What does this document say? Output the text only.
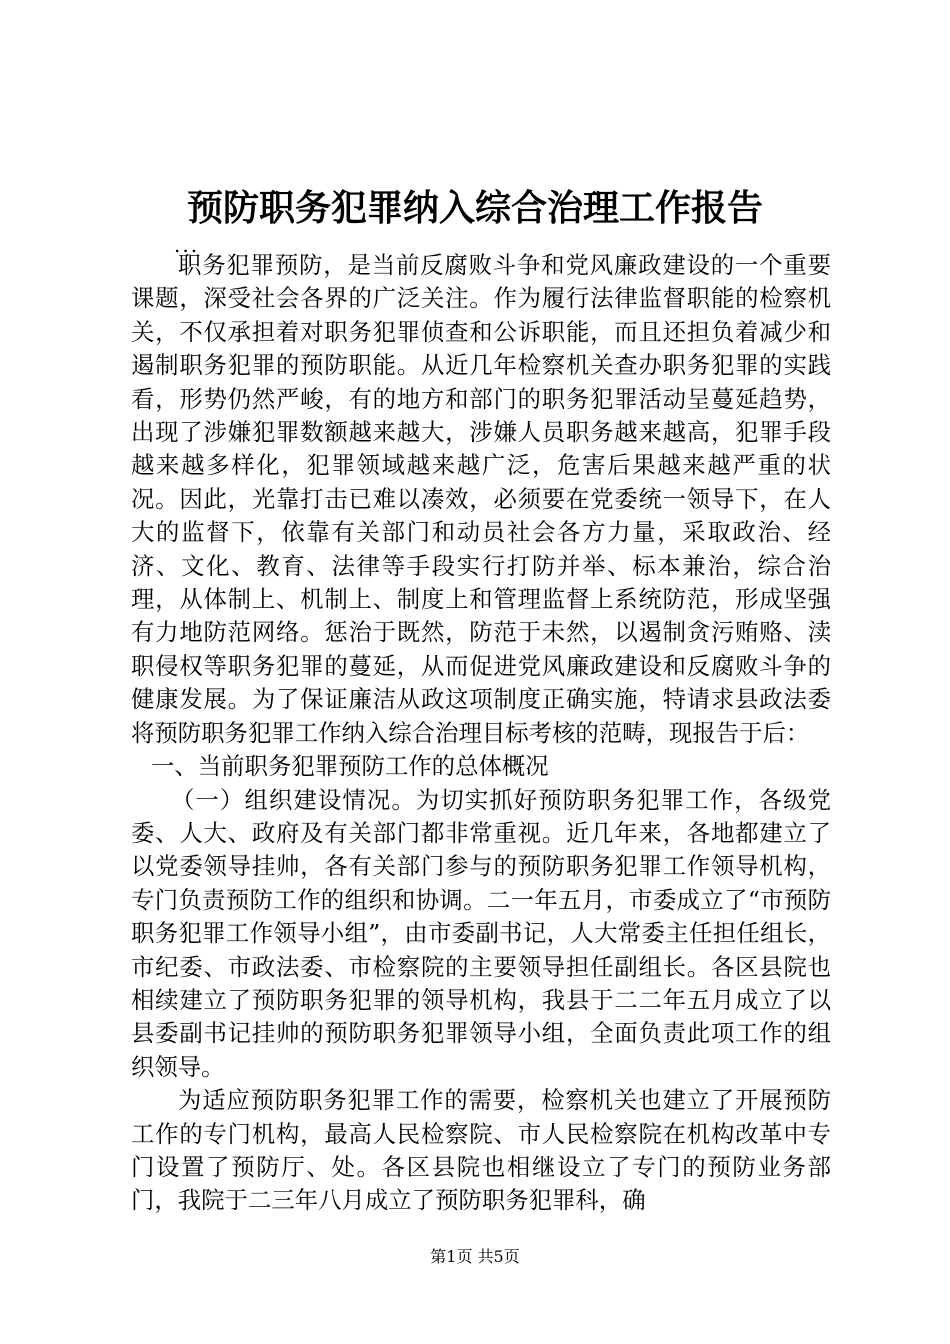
预防职务犯罪纳入综合治理工作报告
...

职务犯罪预防，是当前反腐败斗争和党风廉政建设的一个重要课题，深受社会各界的广泛关注。作为履行法律监督职能的检察机关，不仅承担着对职务犯罪侦查和公诉职能，而且还担负着减少和遏制职务犯罪的预防职能。从近几年检察机关查办职务犯罪的实践看，形势仍然严峻，有的地方和部门的职务犯罪活动呈蔓延趋势，出现了涉嫌犯罪数额越来越大，涉嫌人员职务越来越高，犯罪手段越来越多样化，犯罪领域越来越广泛，危害后果越来越严重的状况。因此，光靠打击已难以凑效，必须要在党委统一领导下，在人大的监督下，依靠有关部门和动员社会各方力量，采取政治、经济、文化、教育、法律等手段实行打防并举、标本兼治，综合治理，从体制上、机制上、制度上和管理监督上系统防范，形成坚强有力地防范网络。惩治于既然，防范于未然，以遏制贪污贿赂、渎职侵权等职务犯罪的蔓延，从而促进党风廉政建设和反腐败斗争的健康发展。为了保证廉洁从政这项制度正确实施，特请求县政法委将预防职务犯罪工作纳入综合治理目标考核的范畴，现报告于后：

一、当前职务犯罪预防工作的总体概况

（一）组织建设情况。为切实抓好预防职务犯罪工作，各级党委、人大、政府及有关部门都非常重视。近几年来，各地都建立了以党委领导挂帅，各有关部门参与的预防职务犯罪工作领导机构，专门负责预防工作的组织和协调。二一年五月，市委成立了“市预防职务犯罪工作领导小组”，由市委副书记，人大常委主任担任组长，市纪委、市政法委、市检察院的主要领导担任副组长。各区县院也相续建立了预防职务犯罪的领导机构，我县于二二年五月成立了以县委副书记挂帅的预防职务犯罪领导小组，全面负责此项工作的组织领导。

为适应预防职务犯罪工作的需要，检察机关也建立了开展预防工作的专门机构，最高人民检察院、市人民检察院在机构改革中专门设置了预防厅、处。各区县院也相继设立了专门的预防业务部门，我院于二三年八月成立了预防职务犯罪科，确

第1页 共5页
